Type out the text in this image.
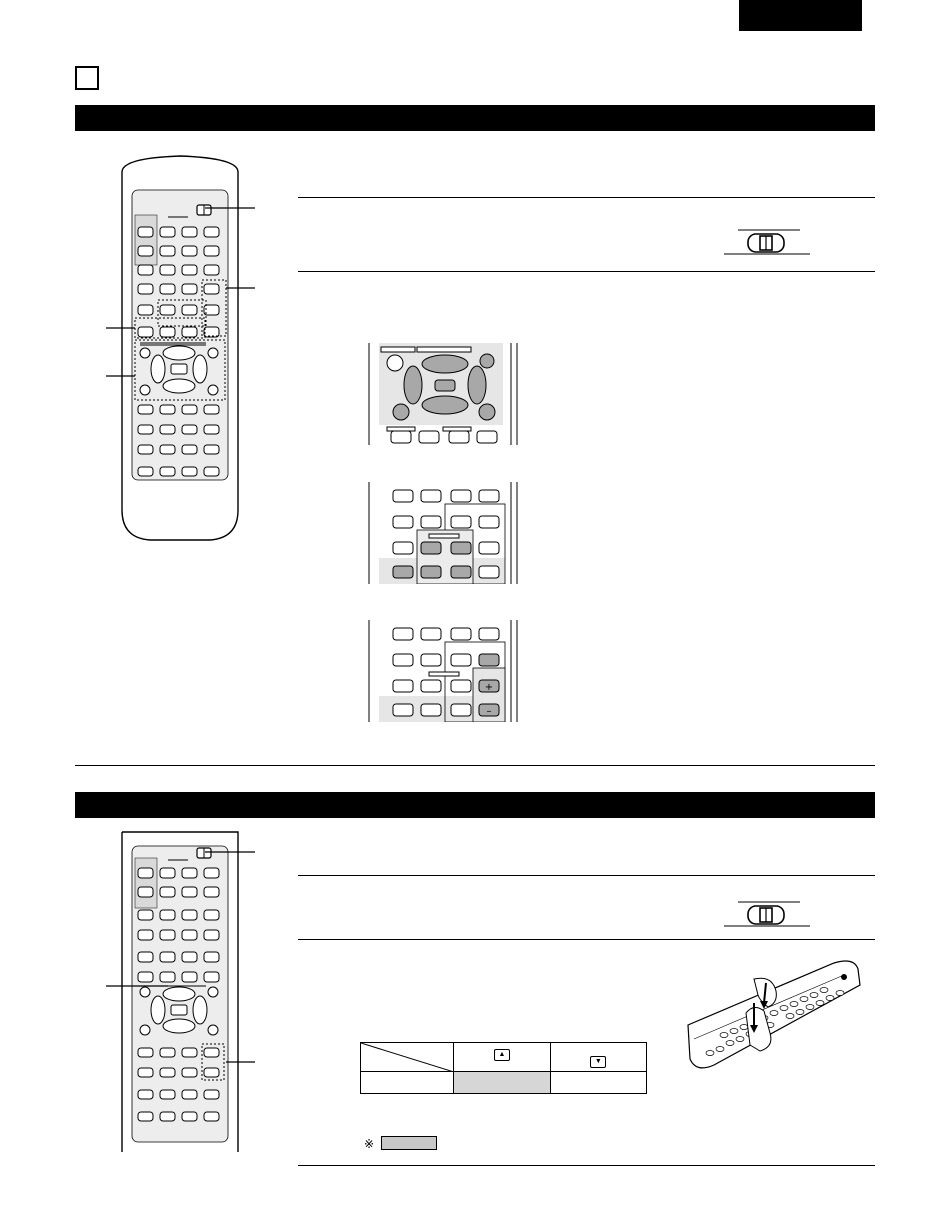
+
–
	▲	▼

※
